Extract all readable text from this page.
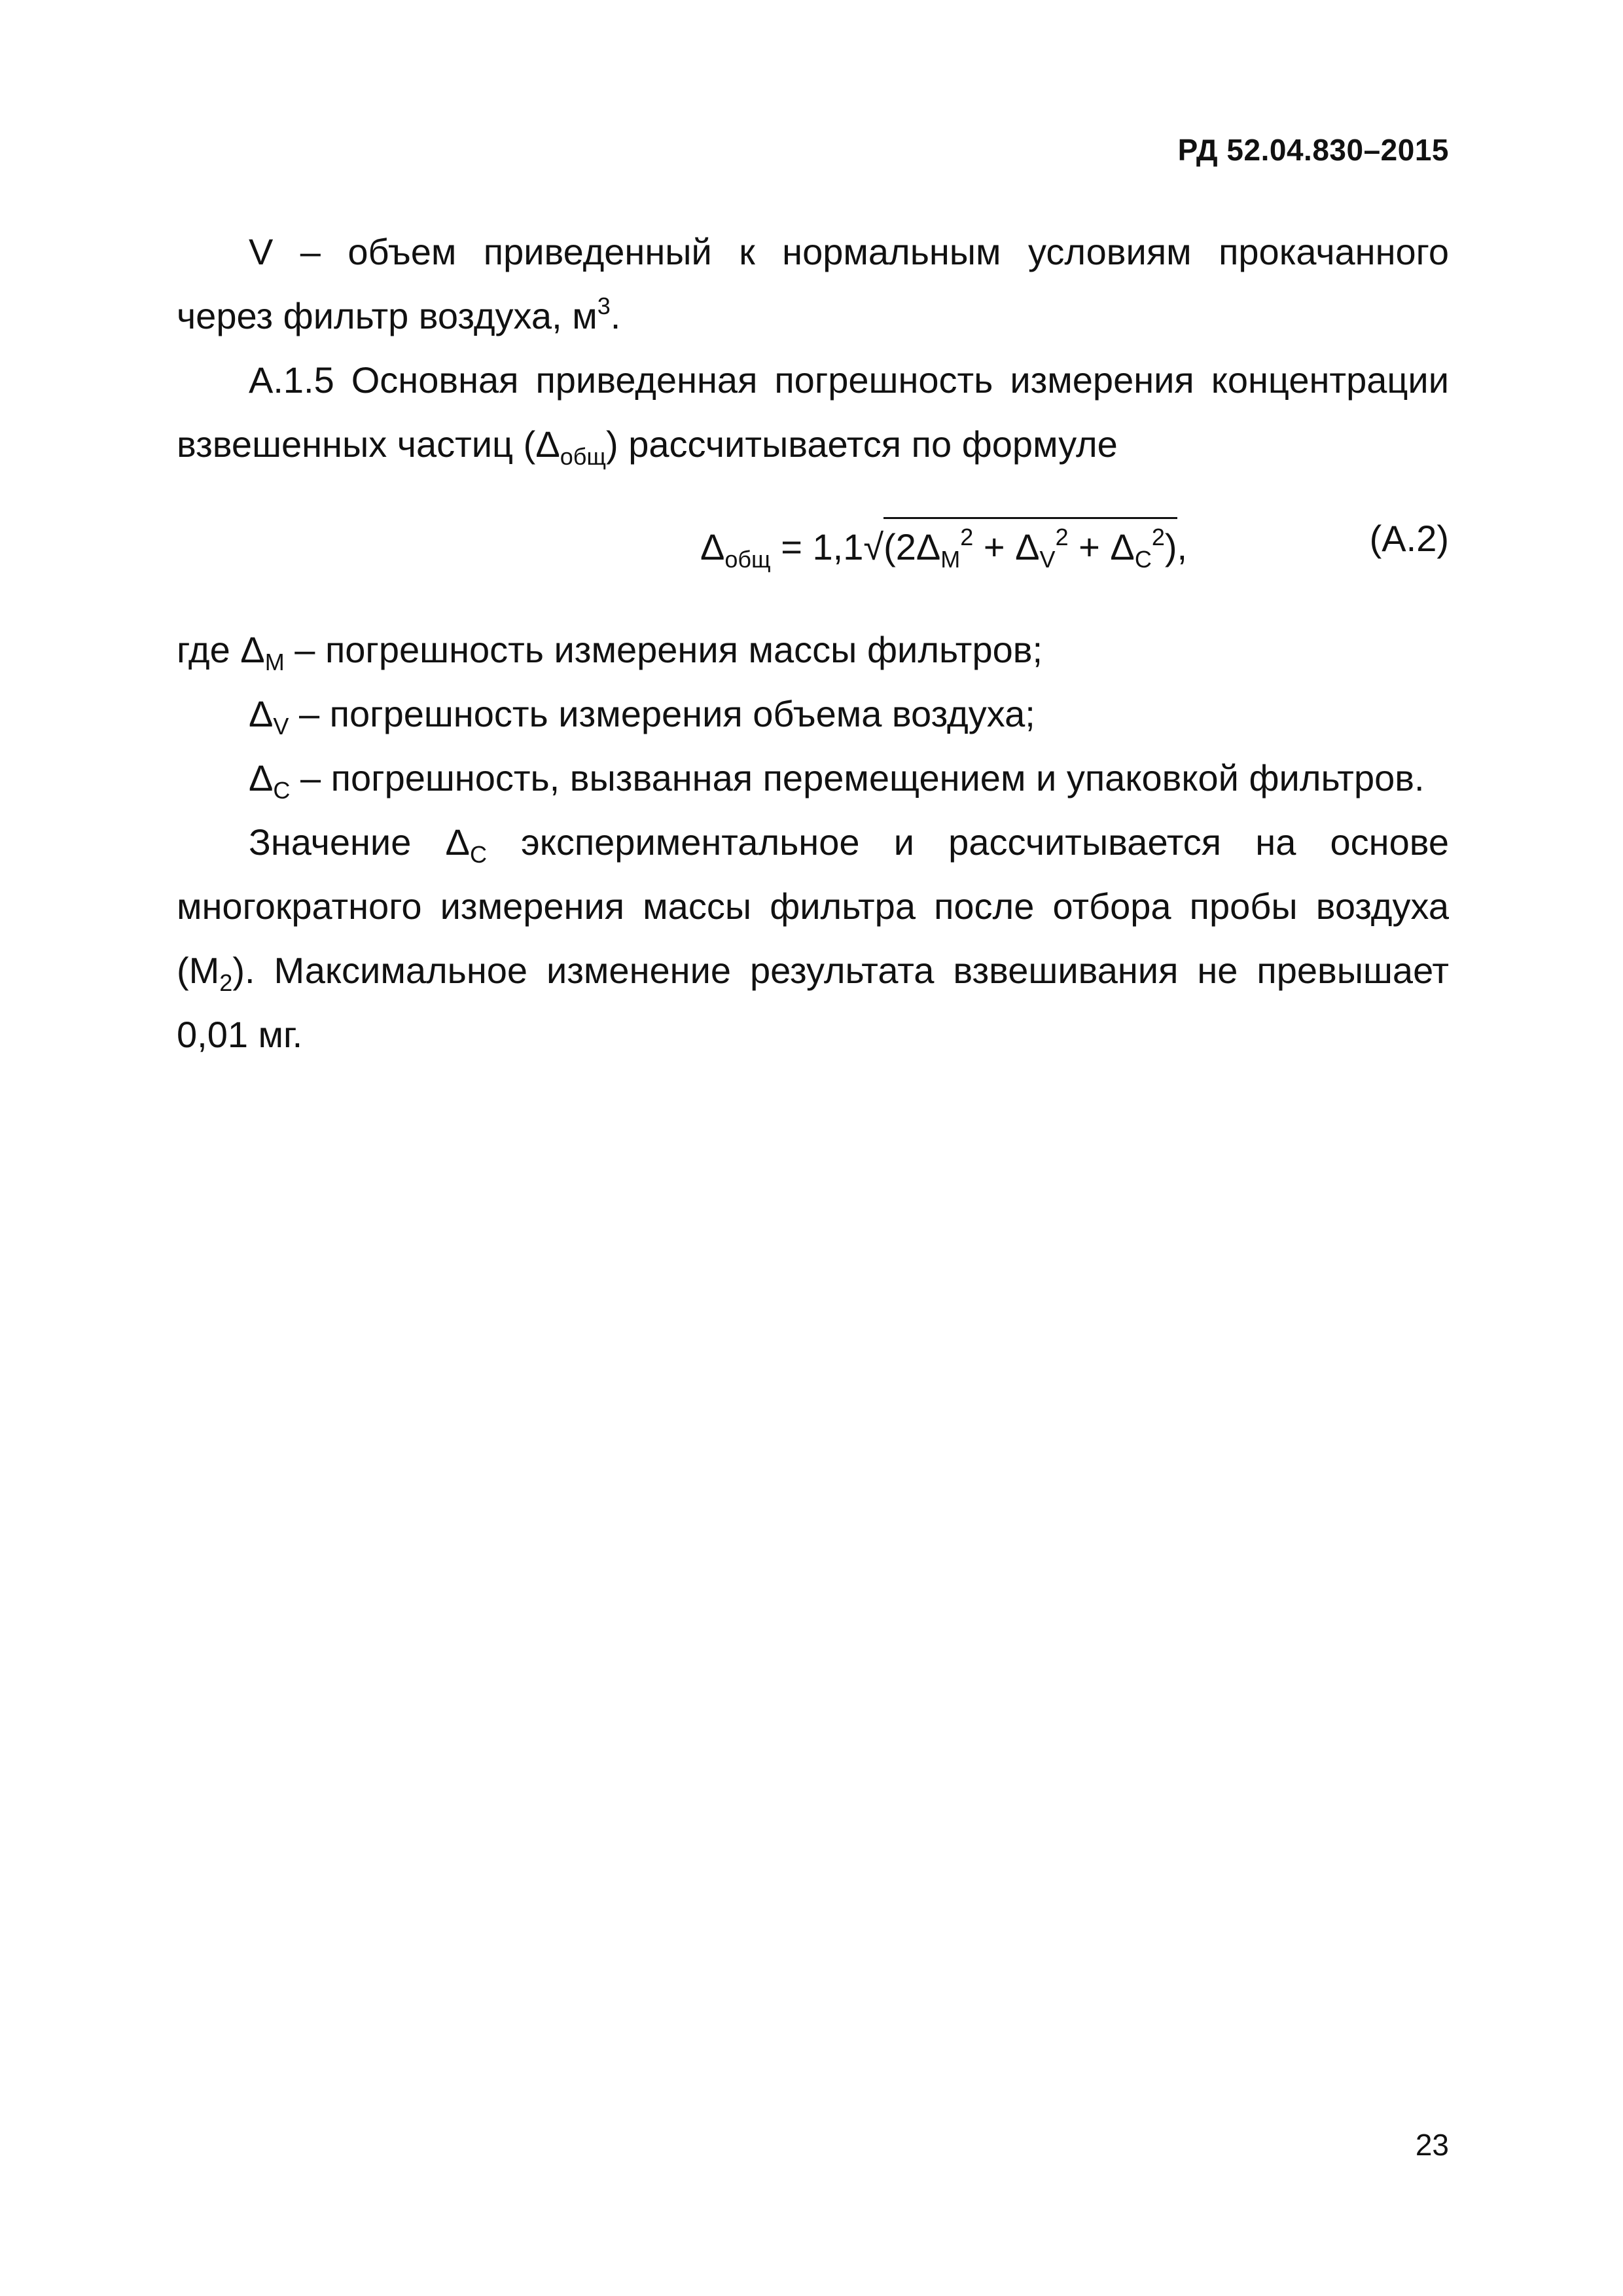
РД 52.04.830–2015
V – объем приведенный к нормальным условиям прокачанного
через фильтр воздуха, $м^3$.
А.1.5 Основная приведенная погрешность измерения концентрации
взвешенных частиц $(\Delta_{общ})$ рассчитывается по формуле
$\Delta_{общ} = 1,1√(2\Delta_М^2 + \Delta_V^2 + \Delta_С^2)$,	(А.2)
где $\Delta_М$ – погрешность измерения массы фильтров;
$\Delta_V$ – погрешность измерения объема воздуха;
$\Delta_С$ – погрешность, вызванная перемещением и упаковкой фильтров.
Значение $\Delta_С$ экспериментальное и рассчитывается на основе
многократного измерения массы фильтра после отбора пробы воздуха
$(М_2)$. Максимальное изменение результата взвешивания не превышает
0,01 мг.
23
